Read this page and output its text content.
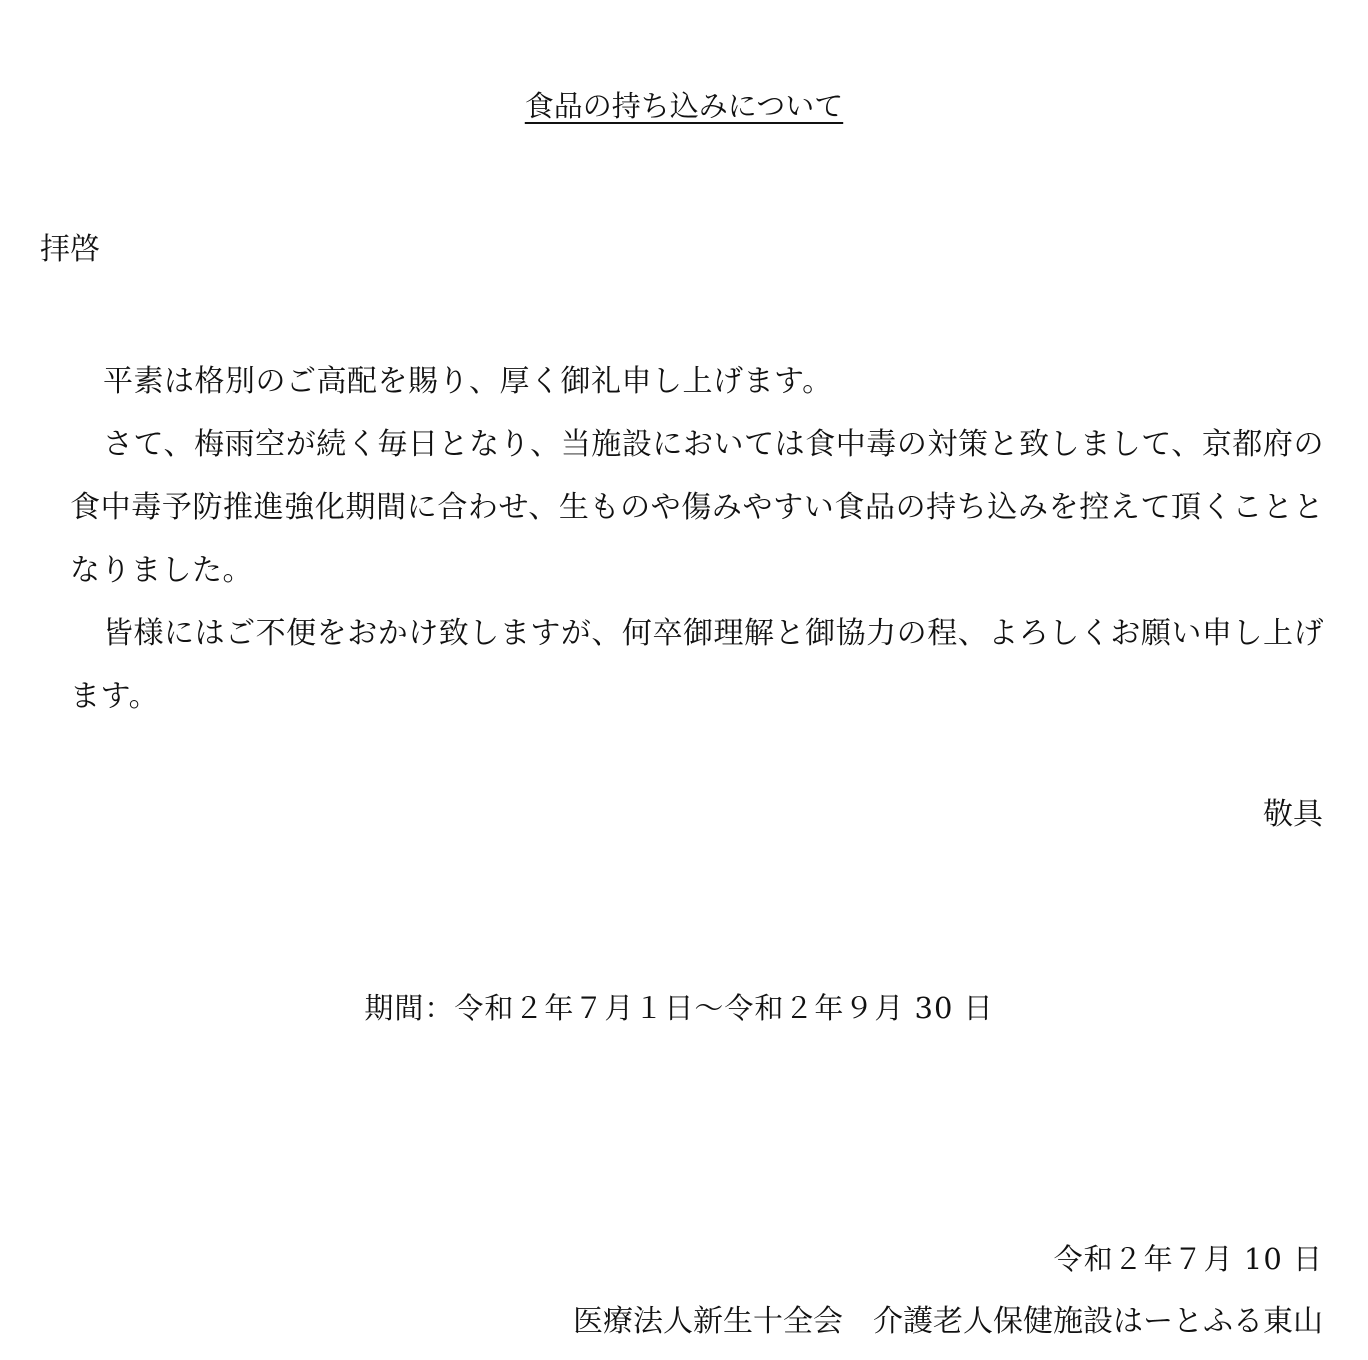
食品の持ち込みについて
拝啓

平素は格別のご高配を賜り、厚く御礼申し上げます。

さて、梅雨空が続く毎日となり、当施設においては食中毒の対策と致しまして、京都府の食中毒予防推進強化期間に合わせ、生ものや傷みやすい食品の持ち込みを控えて頂くこととなりました。

皆様にはご不便をおかけ致しますが、何卒御理解と御協力の程、よろしくお願い申し上げます。

敬具
期間：令和２年７月１日～令和２年９月 30 日
令和２年７月 10 日
医療法人新生十全会　介護老人保健施設はーとふる東山
